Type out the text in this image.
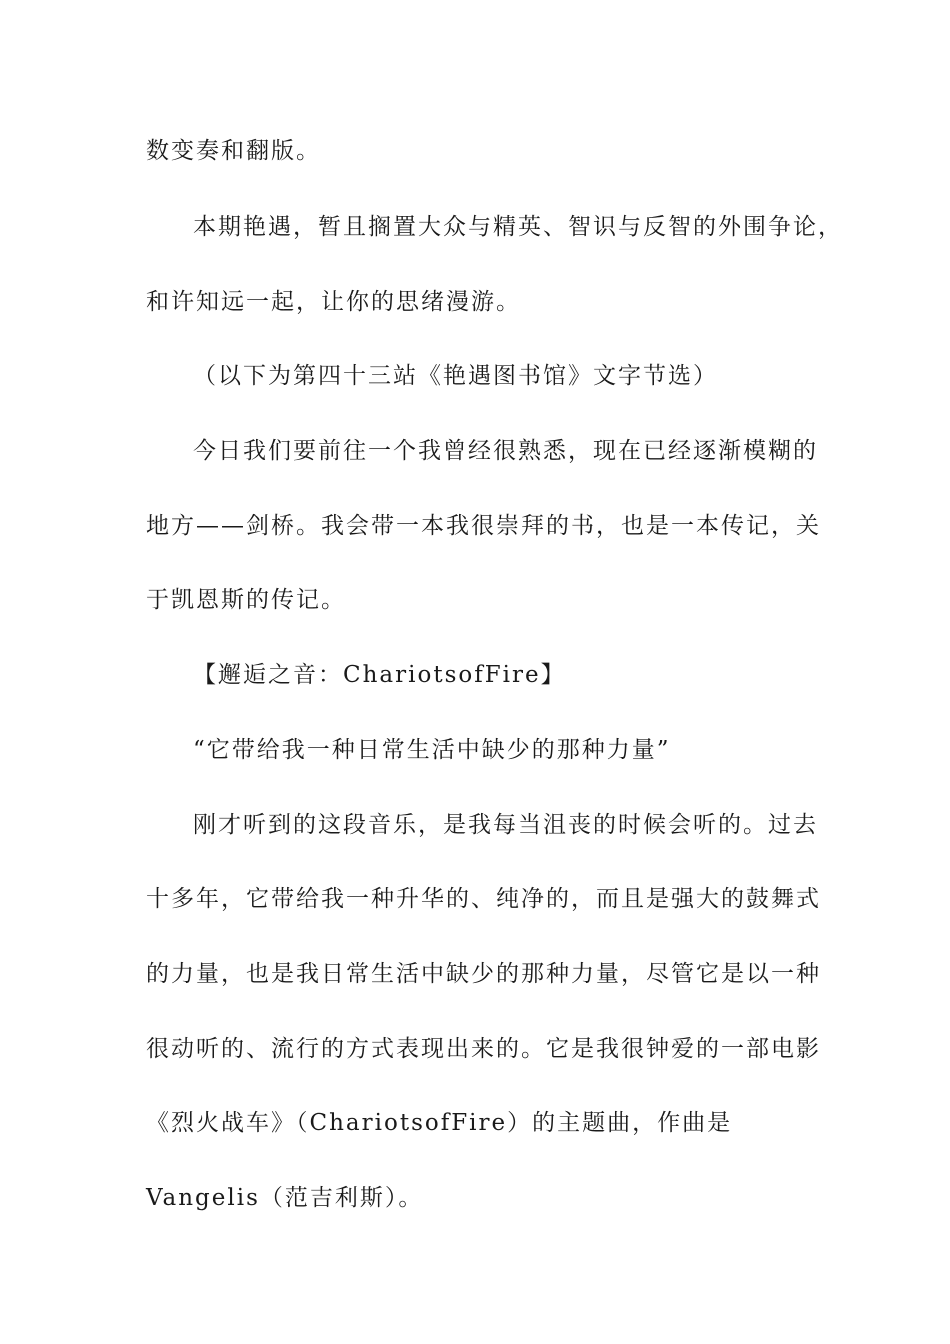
数变奏和翻版。

本期艳遇，暂且搁置大众与精英、智识与反智的外围争论，

和许知远一起，让你的思绪漫游。

（以下为第四十三站《艳遇图书馆》文字节选）

今日我们要前往一个我曾经很熟悉，现在已经逐渐模糊的

地方——剑桥。我会带一本我很崇拜的书，也是一本传记，关

于凯恩斯的传记。

【邂逅之音：ChariotsofFire】

“它带给我一种日常生活中缺少的那种力量”

刚才听到的这段音乐，是我每当沮丧的时候会听的。过去

十多年，它带给我一种升华的、纯净的，而且是强大的鼓舞式

的力量，也是我日常生活中缺少的那种力量，尽管它是以一种

很动听的、流行的方式表现出来的。它是我很钟爱的一部电影

《烈火战车》（ChariotsofFire）的主题曲，作曲是

Vangelis（范吉利斯）。
